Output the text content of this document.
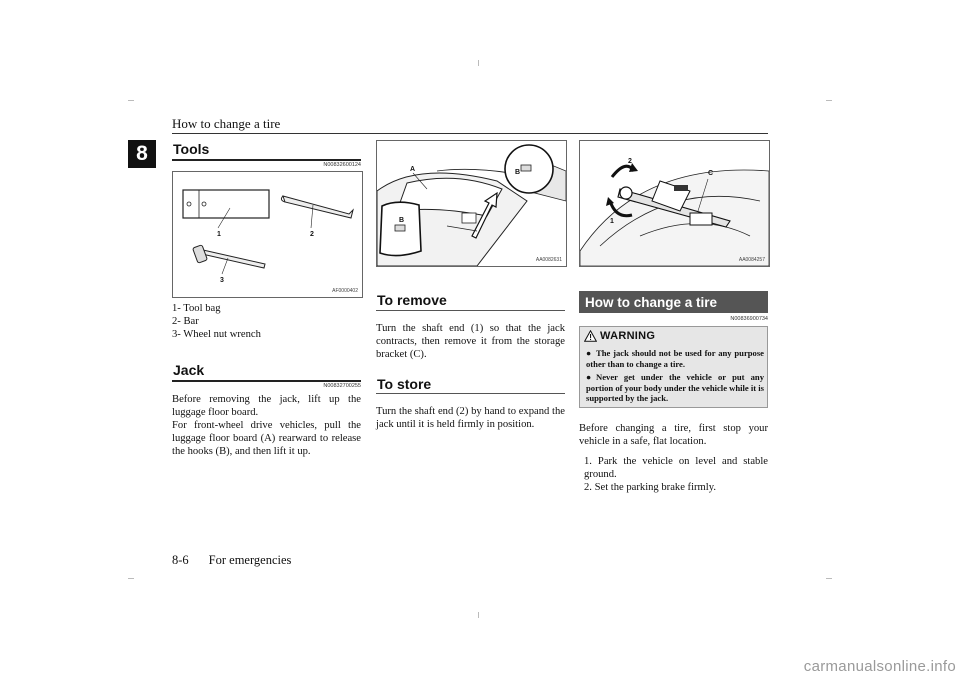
How to change a tire
8	Tools
N00832600124
1	2
3
AF0000402
1- Tool bag
2- Bar
3- Wheel nut wrench
Jack
N00832700255
Before removing the jack, lift up the luggage floor board.
For front-wheel drive vehicles, pull the luggage floor board (A) rearward to release the hooks (B), and then lift it up.
A	B
B
AA0082631
To remove
Turn the shaft end (1) so that the jack contracts, then remove it from the storage bracket (C).
To store
Turn the shaft end (2) by hand to expand the jack until it is held firmly in position.
2
C
1
AA0084257
How to change a tire
N00836900734
WARNING
● The jack should not be used for any purpose other than to change a tire.
● Never get under the vehicle or put any portion of your body under the vehicle while it is supported by the jack.
Before changing a tire, first stop your vehicle in a safe, flat location.
1. Park the vehicle on level and stable ground.
2. Set the parking brake firmly.
8-6 For emergencies
carmanualsonline.info
